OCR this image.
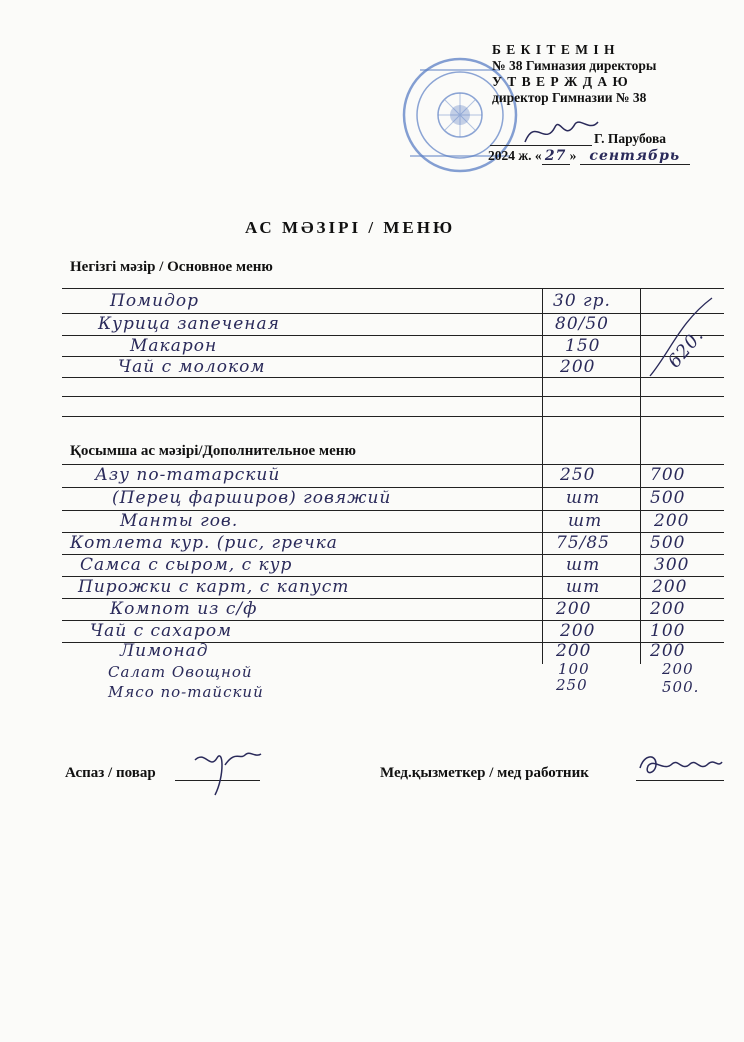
Б Е К І Т Е М І Н
№ 38 Гимназия директоры
У Т В Е Р Ж Д А Ю
директор Гимназии № 38
Г. Парубова
2024 ж. « 27 » сентябрь
АС МӘЗІРІ / МЕНЮ
Негізгі мәзір / Основное меню
Помидор	30 гр.
Курица запеченая	80/50
Макарон	150
Чай с молоком	200	620.
Қосымша ас мәзірі/Дополнительное меню
Азу по-татарский	250	700
(Перец фарширов) говяжий	шт	500
Манты гов.	шт	200
Котлета кур. (рис, гречка	75/85 500
Самса с сыром, с кур	шт	300
Пирожки с карт, с капуст	шт	200
Компот из с/ф	200	200
Чай с сахаром	200	100
Лимонад	200	200
Салат Овощной	100	200
Мясо по-тайский	250	500.
Аспаз / повар	Мед.қызметкер / мед работник
